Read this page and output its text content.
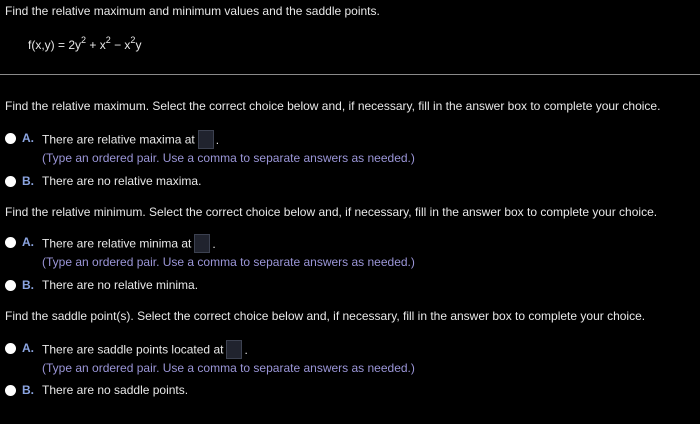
Find the relative maximum and minimum values and the saddle points.
$f(x,y) = 2y^2 + x^2 - x^2y$
Find the relative maximum. Select the correct choice below and, if necessary, fill in the answer box to complete your choice.
A. There are relative maxima at .
(Type an ordered pair. Use a comma to separate answers as needed.)
B. There are no relative maxima.
Find the relative minimum. Select the correct choice below and, if necessary, fill in the answer box to complete your choice.
A. There are relative minima at .
(Type an ordered pair. Use a comma to separate answers as needed.)
B. There are no relative minima.
Find the saddle point(s). Select the correct choice below and, if necessary, fill in the answer box to complete your choice.
A. There are saddle points located at .
(Type an ordered pair. Use a comma to separate answers as needed.)
B. There are no saddle points.
